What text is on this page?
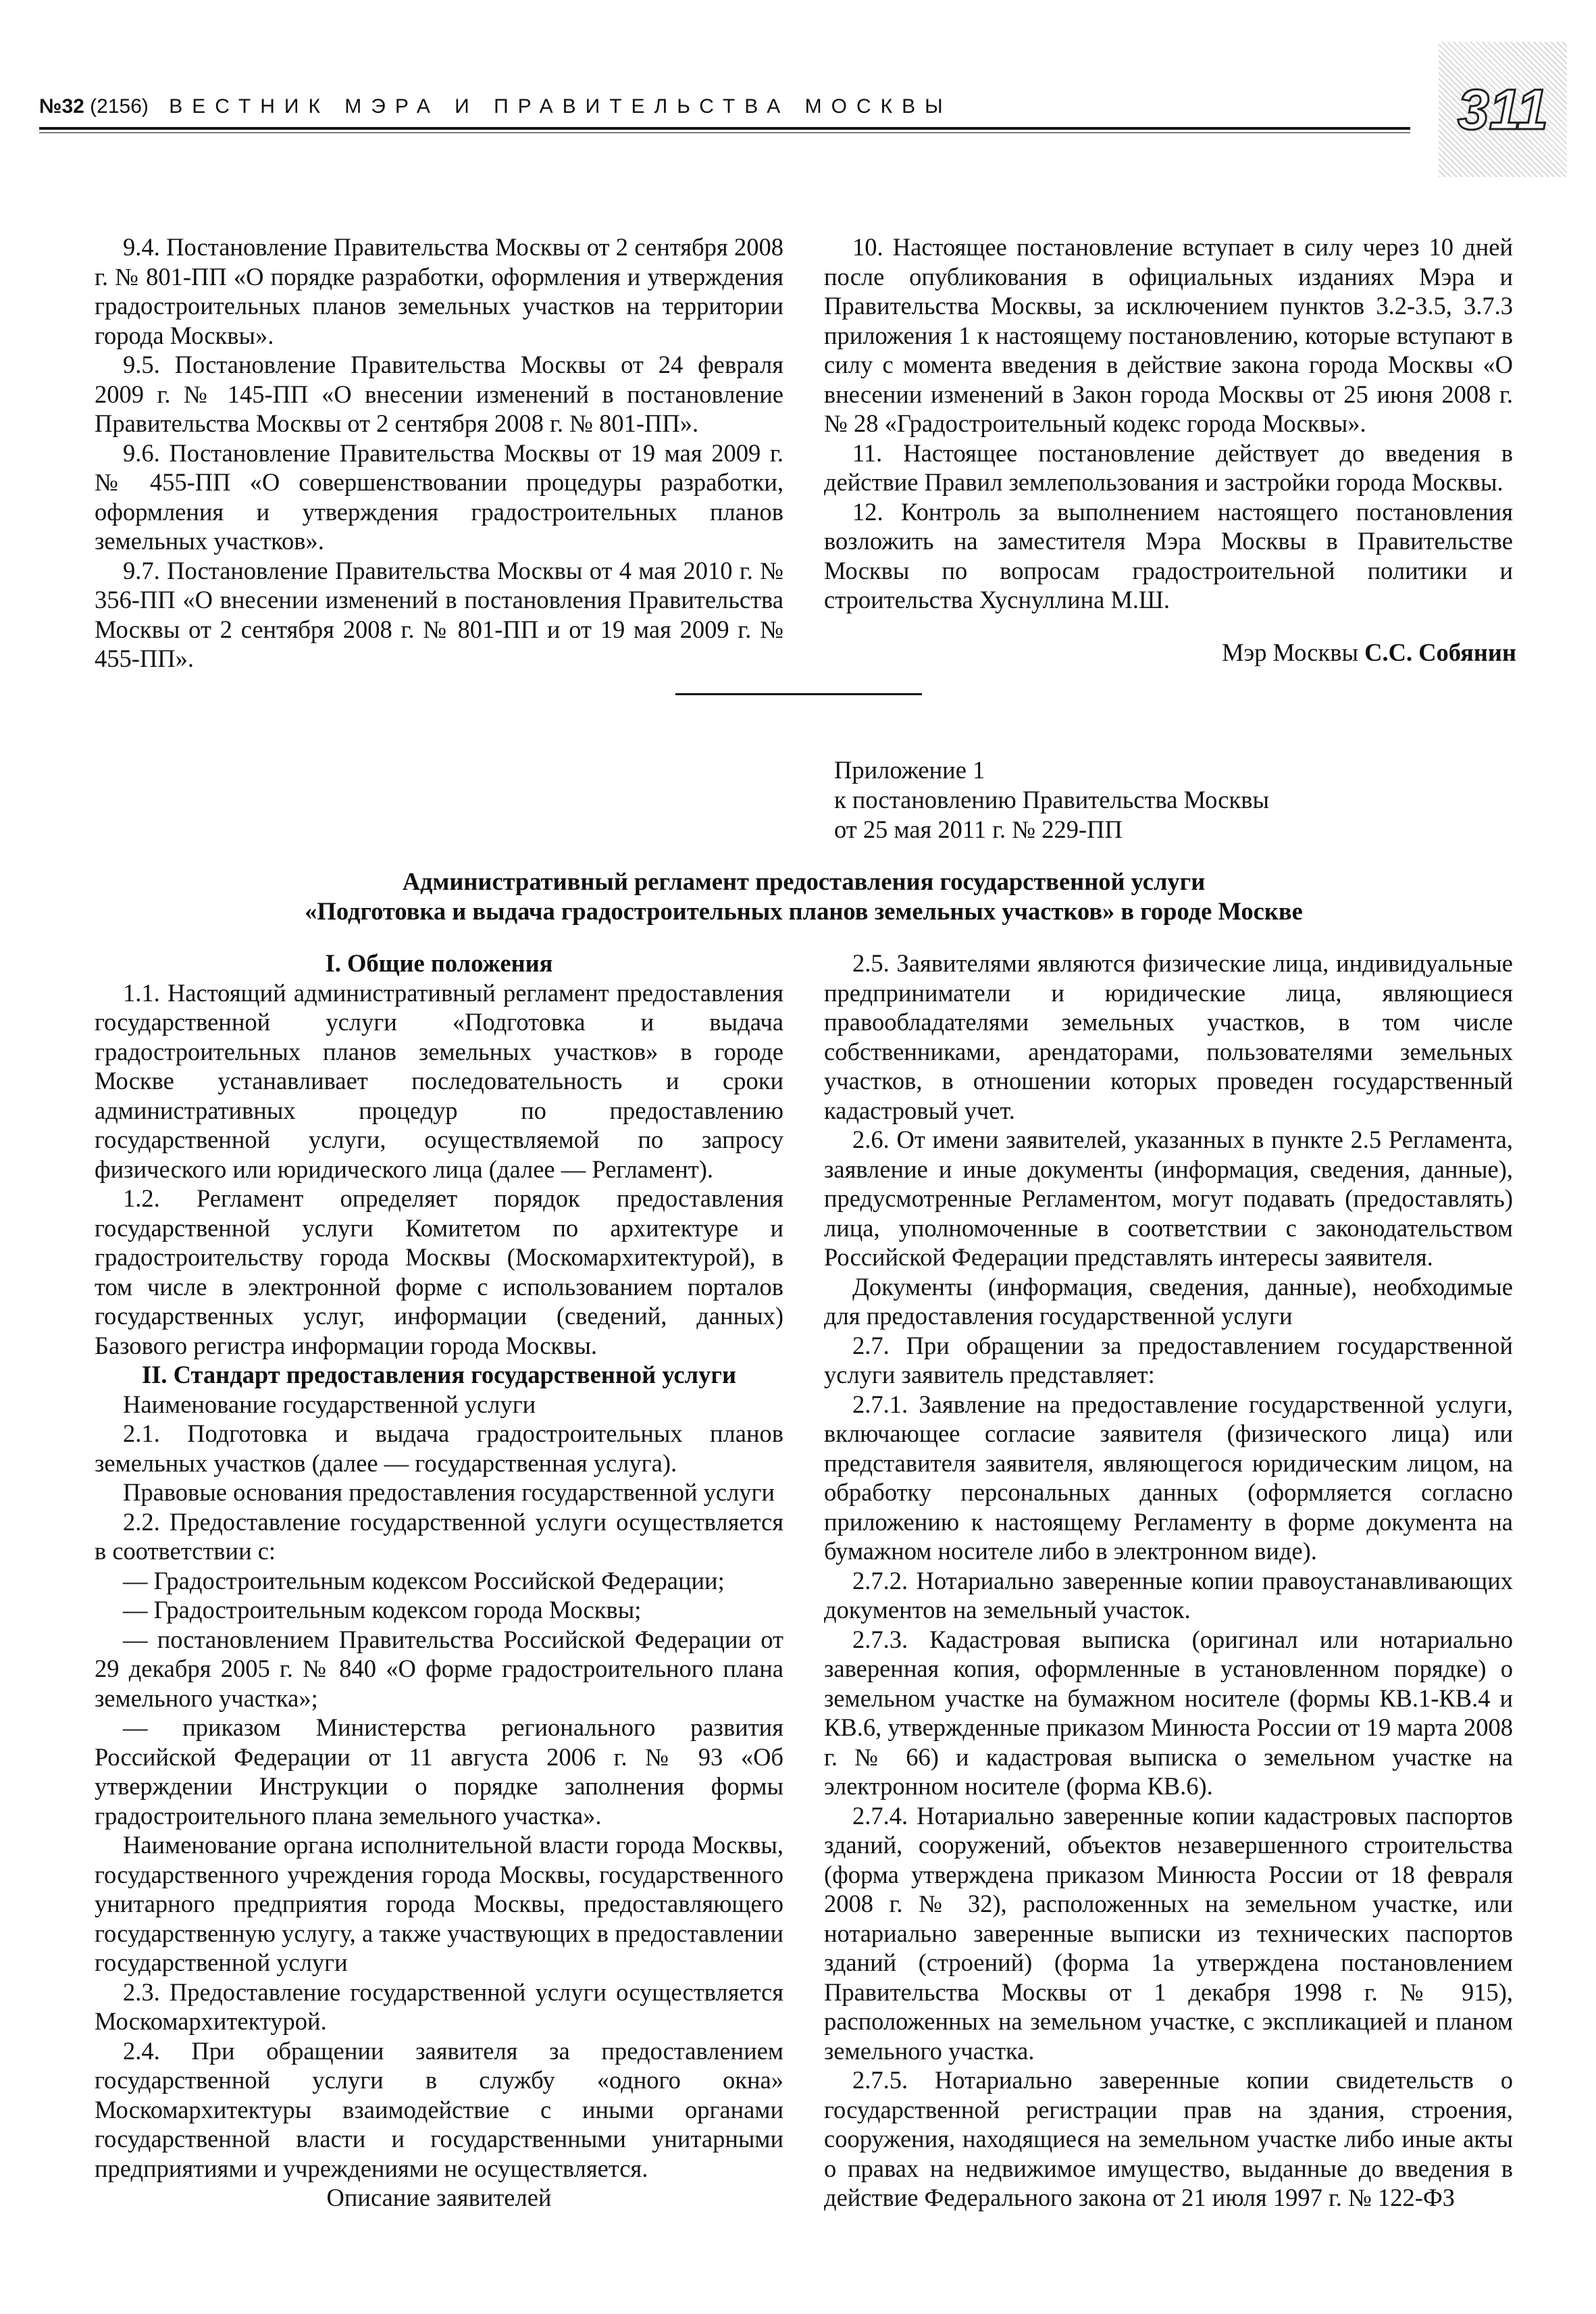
№32 (2156) ВЕСТНИК МЭРА И ПРАВИТЕЛЬСТВА МОСКВЫ	311

9.4. Постановление Правительства Москвы от 2 сентября 2008 г. № 801-ПП «О порядке разработки, оформления и утверждения градостроительных планов земельных участков на территории города Москвы».

9.5. Постановление Правительства Москвы от 24 февраля 2009 г. № 145-ПП «О внесении изменений в постановление Правительства Москвы от 2 сентября 2008 г. № 801-ПП».

9.6. Постановление Правительства Москвы от 19 мая 2009 г. № 455-ПП «О совершенствовании процедуры разработки, оформления и утверждения градостроительных планов земельных участков».

9.7. Постановление Правительства Москвы от 4 мая 2010 г. № 356-ПП «О внесении изменений в постановления Правительства Москвы от 2 сентября 2008 г. № 801-ПП и от 19 мая 2009 г. № 455-ПП».

10. Настоящее постановление вступает в силу через 10 дней после опубликования в официальных изданиях Мэра и Правительства Москвы, за исключением пунктов 3.2-3.5, 3.7.3 приложения 1 к настоящему постановлению, которые вступают в силу с момента введения в действие закона города Москвы «О внесении изменений в Закон города Москвы от 25 июня 2008 г. № 28 «Градостроительный кодекс города Москвы».

11. Настоящее постановление действует до введения в действие Правил землепользования и застройки города Москвы.

12. Контроль за выполнением настоящего постановления возложить на заместителя Мэра Москвы в Правительстве Москвы по вопросам градостроительной политики и строительства Хуснуллина М.Ш.

Мэр Москвы С.С. Собянин
Приложение 1
к постановлению Правительства Москвы
от 25 мая 2011 г. № 229-ПП
Административный регламент предоставления государственной услуги
«Подготовка и выдача градостроительных планов земельных участков» в городе Москве

I. Общие положения

1.1. Настоящий административный регламент предоставления государственной услуги «Подготовка и выдача градостроительных планов земельных участков» в городе Москве устанавливает последовательность и сроки административных процедур по предоставлению государственной услуги, осуществляемой по запросу физического или юридического лица (далее — Регламент).

1.2. Регламент определяет порядок предоставления государственной услуги Комитетом по архитектуре и градостроительству города Москвы (Москомархитектурой), в том числе в электронной форме с использованием порталов государственных услуг, информации (сведений, данных) Базового регистра информации города Москвы.

II. Стандарт предоставления государственной услуги

Наименование государственной услуги

2.1. Подготовка и выдача градостроительных планов земельных участков (далее — государственная услуга).

Правовые основания предоставления государственной услуги

2.2. Предоставление государственной услуги осуществляется в соответствии с:

— Градостроительным кодексом Российской Федерации;

— Градостроительным кодексом города Москвы;

— постановлением Правительства Российской Федерации от 29 декабря 2005 г. № 840 «О форме градостроительного плана земельного участка»;

— приказом Министерства регионального развития Российской Федерации от 11 августа 2006 г. № 93 «Об утверждении Инструкции о порядке заполнения формы градостроительного плана земельного участка».

Наименование органа исполнительной власти города Москвы, государственного учреждения города Москвы, государственного унитарного предприятия города Москвы, предоставляющего государственную услугу, а также участвующих в предоставлении государственной услуги

2.3. Предоставление государственной услуги осуществляется Москомархитектурой.

2.4. При обращении заявителя за предоставлением государственной услуги в службу «одного окна» Москомархитектуры взаимодействие с иными органами государственной власти и государственными унитарными предприятиями и учреждениями не осуществляется.

Описание заявителей

2.5. Заявителями являются физические лица, индивидуальные предприниматели и юридические лица, являющиеся правообладателями земельных участков, в том числе собственниками, арендаторами, пользователями земельных участков, в отношении которых проведен государственный кадастровый учет.

2.6. От имени заявителей, указанных в пункте 2.5 Регламента, заявление и иные документы (информация, сведения, данные), предусмотренные Регламентом, могут подавать (предоставлять) лица, уполномоченные в соответствии с законодательством Российской Федерации представлять интересы заявителя.

Документы (информация, сведения, данные), необходимые для предоставления государственной услуги

2.7. При обращении за предоставлением государственной услуги заявитель представляет:

2.7.1. Заявление на предоставление государственной услуги, включающее согласие заявителя (физического лица) или представителя заявителя, являющегося юридическим лицом, на обработку персональных данных (оформляется согласно приложению к настоящему Регламенту в форме документа на бумажном носителе либо в электронном виде).

2.7.2. Нотариально заверенные копии правоустанавливающих документов на земельный участок.

2.7.3. Кадастровая выписка (оригинал или нотариально заверенная копия, оформленные в установленном порядке) о земельном участке на бумажном носителе (формы КВ.1-КВ.4 и КВ.6, утвержденные приказом Минюста России от 19 марта 2008 г. № 66) и кадастровая выписка о земельном участке на электронном носителе (форма КВ.6).

2.7.4. Нотариально заверенные копии кадастровых паспортов зданий, сооружений, объектов незавершенного строительства (форма утверждена приказом Минюста России от 18 февраля 2008 г. № 32), расположенных на земельном участке, или нотариально заверенные выписки из технических паспортов зданий (строений) (форма 1а утверждена постановлением Правительства Москвы от 1 декабря 1998 г. № 915), расположенных на земельном участке, с экспликацией и планом земельного участка.

2.7.5. Нотариально заверенные копии свидетельств о государственной регистрации прав на здания, строения, сооружения, находящиеся на земельном участке либо иные акты о правах на недвижимое имущество, выданные до введения в действие Федерального закона от 21 июля 1997 г. № 122-ФЗ
